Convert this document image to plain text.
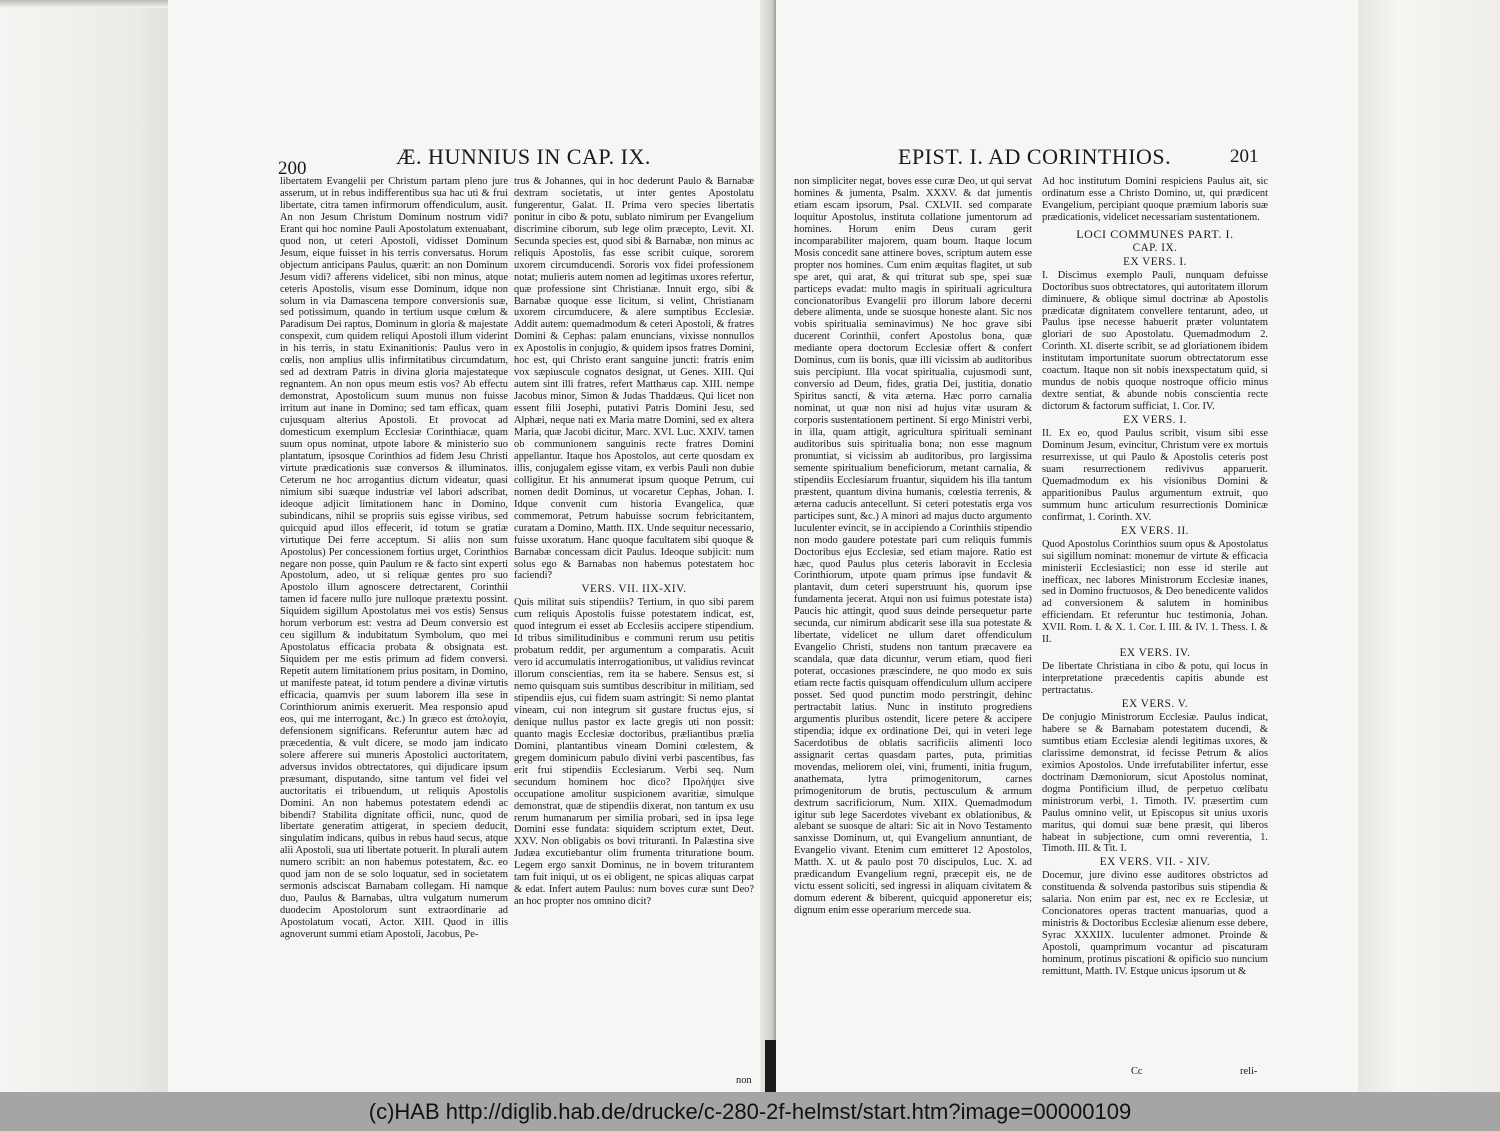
200	Æ. HUNNIUS IN CAP. IX.

libertatem Evangelii per Christum partam pleno jure asserum, ut in rebus indifferentibus sua hac uti & frui libertate, citra tamen infirmorum offendiculum, ausit. An non Jesum Christum Dominum nostrum vidi? Erant qui hoc nomine Pauli Apostolatum extenuabant, quod non, ut ceteri Apostoli, vidisset Dominum Jesum, eique fuisset in his terris conversatus. Horum objectum anticipans Paulus, quærit: an non Dominum Jesum vidi? afferens videlicet, sibi non minus, atque ceteris Apostolis, visum esse Dominum, idque non solum in via Damascena tempore conversionis suæ, sed potissimum, quando in tertium usque cœlum & Paradisum Dei raptus, Dominum in gloria & majestate conspexit, cum quidem reliqui Apostoli illum viderint in his terris, in statu Exinanitionis: Paulus vero in cœlis, non amplius ullis infirmitatibus circumdatum, sed ad dextram Patris in divina gloria majestateque regnantem. An non opus meum estis vos? Ab effectu demonstrat, Apostolicum suum munus non fuisse irritum aut inane in Domino; sed tam efficax, quam cujusquam alterius Apostoli. Et provocat ad domesticum exemplum Ecclesiæ Corinthiacæ, quam suum opus nominat, utpote labore & ministerio suo plantatum, ipsosque Corinthios ad fidem Jesu Christi virtute prædicationis suæ conversos & illuminatos. Ceterum ne hoc arrogantius dictum videatur, quasi nimium sibi suæque industriæ vel labori adscribat, ideoque adjicit limitationem hanc in Domino, subindicans, nihil se propriis suis egisse viribus, sed quicquid apud illos effecerit, id totum se gratiæ virtutique Dei ferre acceptum. Si aliis non sum Apostolus) Per concessionem fortius urget, Corinthios negare non posse, quin Paulum re & facto sint experti Apostolum, adeo, ut si reliquæ gentes pro suo Apostolo illum agnoscere detrectarent, Corinthii tamen id facere nullo jure nulloque prætextu possint. Siquidem sigillum Apostolatus mei vos estis) Sensus horum verborum est: vestra ad Deum conversio est ceu sigillum & indubitatum Symbolum, quo mei Apostolatus efficacia probata & obsignata est. Siquidem per me estis primum ad fidem conversi. Repetit autem limitationem prius positam, in Domino, ut manifeste pateat, id totum pendere a divinæ virtutis efficacia, quamvis per suum laborem illa sese in Corinthiorum animis exeruerit. Mea responsio apud eos, qui me interrogant, &c.) In græco est ἀπολογία, defensionem significans. Referuntur autem hæc ad præcedentia, & vult dicere, se modo jam indicato solere afferere sui muneris Apostolici auctoritatem, adversus invidos obtrectatores, qui dijudicare ipsum præsumant, disputando, sitne tantum vel fidei vel auctoritatis ei tribuendum, ut reliquis Apostolis Domini. An non habemus potestatem edendi ac bibendi? Stabilita dignitate officii, nunc, quod de libertate generatim attigerat, in speciem deducit, singulatim indicans, quibus in rebus haud secus, atque alii Apostoli, sua uti libertate potuerit. In plurali autem numero scribit: an non habemus potestatem, &c. eo quod jam non de se solo loquatur, sed in societatem sermonis adsciscat Barnabam collegam. Hi namque duo, Paulus & Barnabas, ultra vulgatum numerum duodecim Apostolorum sunt extraordinarie ad Apostolatum vocati, Actor. XIII. Quod in illis agnoverunt summi etiam Apostoli, Jacobus, Pe-

trus & Johannes, qui in hoc dederunt Paulo & Barnabæ dextram societatis, ut inter gentes Apostolatu fungerentur, Galat. II. Prima vero species libertatis ponitur in cibo & potu, sublato nimirum per Evangelium discrimine ciborum, sub lege olim præcepto, Levit. XI. Secunda species est, quod sibi & Barnabæ, non minus ac reliquis Apostolis, fas esse scribit cuique, sororem uxorem circumducendi. Sororis vox fidei professionem notat; mulieris autem nomen ad legitimas uxores refertur, quæ professione sint Christianæ. Innuit ergo, sibi & Barnabæ quoque esse licitum, si velint, Christianam uxorem circumducere, & alere sumptibus Ecclesiæ. Addit autem: quemadmodum & ceteri Apostoli, & fratres Domini & Cephas: palam enuncians, vixisse nonnullos ex Apostolis in conjugio, & quidem ipsos fratres Domini, hoc est, qui Christo erant sanguine juncti: fratris enim vox sæpiuscule cognatos designat, ut Genes. XIII. Qui autem sint illi fratres, refert Matthæus cap. XIII. nempe Jacobus minor, Simon & Judas Thaddæus. Qui licet non essent filii Josephi, putativi Patris Domini Jesu, sed Alphæi, neque nati ex Maria matre Domini, sed ex altera Maria, quæ Jacobi dicitur, Marc. XVI. Luc. XXIV. tamen ob communionem sanguinis recte fratres Domini appellantur. Itaque hos Apostolos, aut certe quosdam ex illis, conjugalem egisse vitam, ex verbis Pauli non dubie colligitur. Et his annumerat ipsum quoque Petrum, cui nomen dedit Dominus, ut vocaretur Cephas, Johan. I. Idque convenit cum historia Evangelica, quæ commemorat, Petrum habuisse socrum febricitantem, curatam a Domino, Matth. IIX. Unde sequitur necessario, fuisse uxoratum. Hanc quoque facultatem sibi quoque & Barnabæ concessam dicit Paulus. Ideoque subjicit: num solus ego & Barnabas non habemus potestatem hoc faciendi?

VERS. VII. IIX-XIV.

Quis militat suis stipendiis? Tertium, in quo sibi parem cum reliquis Apostolis fuisse potestatem indicat, est, quod integrum ei esset ab Ecclesiis accipere stipendium. Id tribus similitudinibus e communi rerum usu petitis probatum reddit, per argumentum a comparatis. Acuit vero id accumulatis interrogationibus, ut validius revincat illorum conscientias, rem ita se habere. Sensus est, si nemo quisquam suis sumtibus describitur in militiam, sed stipendiis ejus, cui fidem suam astringit: Si nemo plantat vineam, cui non integrum sit gustare fructus ejus, si denique nullus pastor ex lacte gregis uti non possit: quanto magis Ecclesiæ doctoribus, præliantibus prælia Domini, plantantibus vineam Domini cœlestem, & gregem dominicum pabulo divini verbi pascentibus, fas erit frui stipendiis Ecclesiarum. Verbi seq. Num secundum hominem hoc dico? Προλήψει sive occupatione amolitur suspicionem avaritiæ, simulque demonstrat, quæ de stipendiis dixerat, non tantum ex usu rerum humanarum per similia probari, sed in ipsa lege Domini esse fundata: siquidem scriptum extet, Deut. XXV. Non obligabis os bovi trituranti. In Palæstina sive Judæa excutiebantur olim frumenta trituratione boum. Legem ergo sanxit Dominus, ne in bovem triturantem tam fuit iniqui, ut os ei obligent, ne spicas aliquas carpat & edat. Infert autem Paulus: num boves curæ sunt Deo? an hoc propter nos omnino dicit?

non
EPIST. I. AD CORINTHIOS.	201

non simpliciter negat, boves esse curæ Deo, ut qui servat homines & jumenta, Psalm. XXXV. & dat jumentis etiam escam ipsorum, Psal. CXLVII. sed comparate loquitur Apostolus, instituta collatione jumentorum ad homines. Horum enim Deus curam gerit incomparabiliter majorem, quam boum. Itaque locum Mosis concedit sane attinere boves, scriptum autem esse propter nos homines. Cum enim æquitas flagitet, ut sub spe aret, qui arat, & qui triturat sub spe, spei suæ particeps evadat: multo magis in spirituali agricultura concionatoribus Evangelii pro illorum labore decerni debere alimenta, unde se suosque honeste alant. Sic nos vobis spiritualia seminavimus) Ne hoc grave sibi ducerent Corinthii, confert Apostolus bona, quæ mediante opera doctorum Ecclesiæ offert & confert Dominus, cum iis bonis, quæ illi vicissim ab auditoribus suis percipiunt. Illa vocat spiritualia, cujusmodi sunt, conversio ad Deum, fides, gratia Dei, justitia, donatio Spiritus sancti, & vita æterna. Hæc porro carnalia nominat, ut quæ non nisi ad hujus vitæ usuram & corporis sustentationem pertinent. Si ergo Ministri verbi, in illa, quam attigit, agricultura spirituali seminant auditoribus suis spiritualia bona; non esse magnum pronuntiat, si vicissim ab auditoribus, pro largissima semente spiritualium beneficiorum, metant carnalia, & stipendiis Ecclesiarum fruantur, siquidem his illa tantum præstent, quantum divina humanis, cœlestia terrenis, & æterna caducis antecellunt. Si ceteri potestatis erga vos participes sunt, &c.) A minori ad majus ducto argumento luculenter evincit, se in accipiendo a Corinthiis stipendio non modo gaudere potestate pari cum reliquis fummis Doctoribus ejus Ecclesiæ, sed etiam majore. Ratio est hæc, quod Paulus plus ceteris laboravit in Ecclesia Corinthiorum, utpote quam primus ipse fundavit & plantavit, dum ceteri superstruunt his, quorum ipse fundamenta jecerat. Atqui non usi fuimus potestate ista) Paucis hic attingit, quod suus deinde persequetur parte secunda, cur nimirum abdicarit sese illa sua potestate & libertate, videlicet ne ullum daret offendiculum Evangelio Christi, studens non tantum præcavere ea scandala, quæ data dicuntur, verum etiam, quod fieri poterat, occasiones præscindere, ne quo modo ex suis etiam recte factis quisquam offendiculum ullum accipere posset. Sed quod punctim modo perstringit, dehinc pertractabit latius. Nunc in instituto progrediens argumentis pluribus ostendit, licere petere & accipere stipendia; idque ex ordinatione Dei, qui in veteri lege Sacerdotibus de oblatis sacrificiis alimenti loco assignarit certas quasdam partes, puta, primitias movendas, meliorem olei, vini, frumenti, initia frugum, anathemata, lytra primogenitorum, carnes primogenitorum de brutis, pectusculum & armum dextrum sacrificiorum, Num. XIIX. Quemadmodum igitur sub lege Sacerdotes vivebant ex oblationibus, & alebant se suosque de altari: Sic ait in Novo Testamento sanxisse Dominum, ut, qui Evangelium annuntiant, de Evangelio vivant. Etenim cum emitteret 12 Apostolos, Matth. X. ut & paulo post 70 discipulos, Luc. X. ad prædicandum Evangelium regni, præcepit eis, ne de victu essent soliciti, sed ingressi in aliquam civitatem & domum ederent & biberent, quicquid apponeretur eis; dignum enim esse operarium mercede sua.

Ad hoc institutum Domini respiciens Paulus ait, sic ordinatum esse a Christo Domino, ut, qui prædicent Evangelium, percipiant quoque præmium laboris suæ prædicationis, videlicet necessariam sustentationem.

LOCI COMMUNES PART. I.
CAP. IX.
EX VERS. I.

I. Discimus exemplo Pauli, nunquam defuisse Doctoribus suos obtrectatores, qui autoritatem illorum diminuere, & oblique simul doctrinæ ab Apostolis prædicatæ dignitatem convellere tentarunt, adeo, ut Paulus ipse necesse habuerit præter voluntatem gloriari de suo Apostolatu. Quemadmodum 2. Corinth. XI. diserte scribit, se ad gloriationem ibidem institutam importunitate suorum obtrectatorum esse coactum. Itaque non sit nobis inexspectatum quid, si mundus de nobis quoque nostroque officio minus dextre sentiat, & abunde nobis conscientia recte dictorum & factorum sufficiat, 1. Cor. IV.

EX VERS. I.

II. Ex eo, quod Paulus scribit, visum sibi esse Dominum Jesum, evincitur, Christum vere ex mortuis resurrexisse, ut qui Paulo & Apostolis ceteris post suam resurrectionem redivivus apparuerit. Quemadmodum ex his visionibus Domini & apparitionibus Paulus argumentum extruit, quo summum hunc articulum resurrectionis Dominicæ confirmat, 1. Corinth. XV.

EX VERS. II.

Quod Apostolus Corinthios suum opus & Apostolatus sui sigillum nominat: monemur de virtute & efficacia ministerii Ecclesiastici; non esse id sterile aut inefficax, nec labores Ministrorum Ecclesiæ inanes, sed in Domino fructuosos, & Deo benedicente validos ad conversionem & salutem in hominibus efficiendam. Et referuntur huc testimonia, Johan. XVII. Rom. I. & X. 1. Cor. I. III. & IV. 1. Thess. I. & II.

EX VERS. IV.

De libertate Christiana in cibo & potu, qui locus in interpretatione præcedentis capitis abunde est pertractatus.

EX VERS. V.

De conjugio Ministrorum Ecclesiæ. Paulus indicat, habere se & Barnabam potestatem ducendi, & sumtibus etiam Ecclesiæ alendi legitimas uxores, & clarissime demonstrat, id fecisse Petrum & alios eximios Apostolos. Unde irrefutabiliter infertur, esse doctrinam Dæmoniorum, sicut Apostolus nominat, dogma Pontificium illud, de perpetuo cœlibatu ministrorum verbi, 1. Timoth. IV. præsertim cum Paulus omnino velit, ut Episcopus sit unius uxoris maritus, qui domui suæ bene præsit, qui liberos habeat in subjectione, cum omni reverentia, 1. Timoth. III. & Tit. I.

EX VERS. VII. - XIV.

Docemur, jure divino esse auditores obstrictos ad constituenda & solvenda pastoribus suis stipendia & salaria. Non enim par est, nec ex re Ecclesiæ, ut Concionatores operas tractent manuarias, quod a ministris & Doctoribus Ecclesiæ alienum esse debere, Syrac XXXIIX. luculenter admonet. Proinde & Apostoli, quamprimum vocantur ad piscaturam hominum, protinus piscationi & opificio suo nuncium remittunt, Matth. IV. Estque unicus ipsorum ut &

Cc	reli-
(c)HAB http://diglib.hab.de/drucke/c-280-2f-helmst/start.htm?image=00000109
